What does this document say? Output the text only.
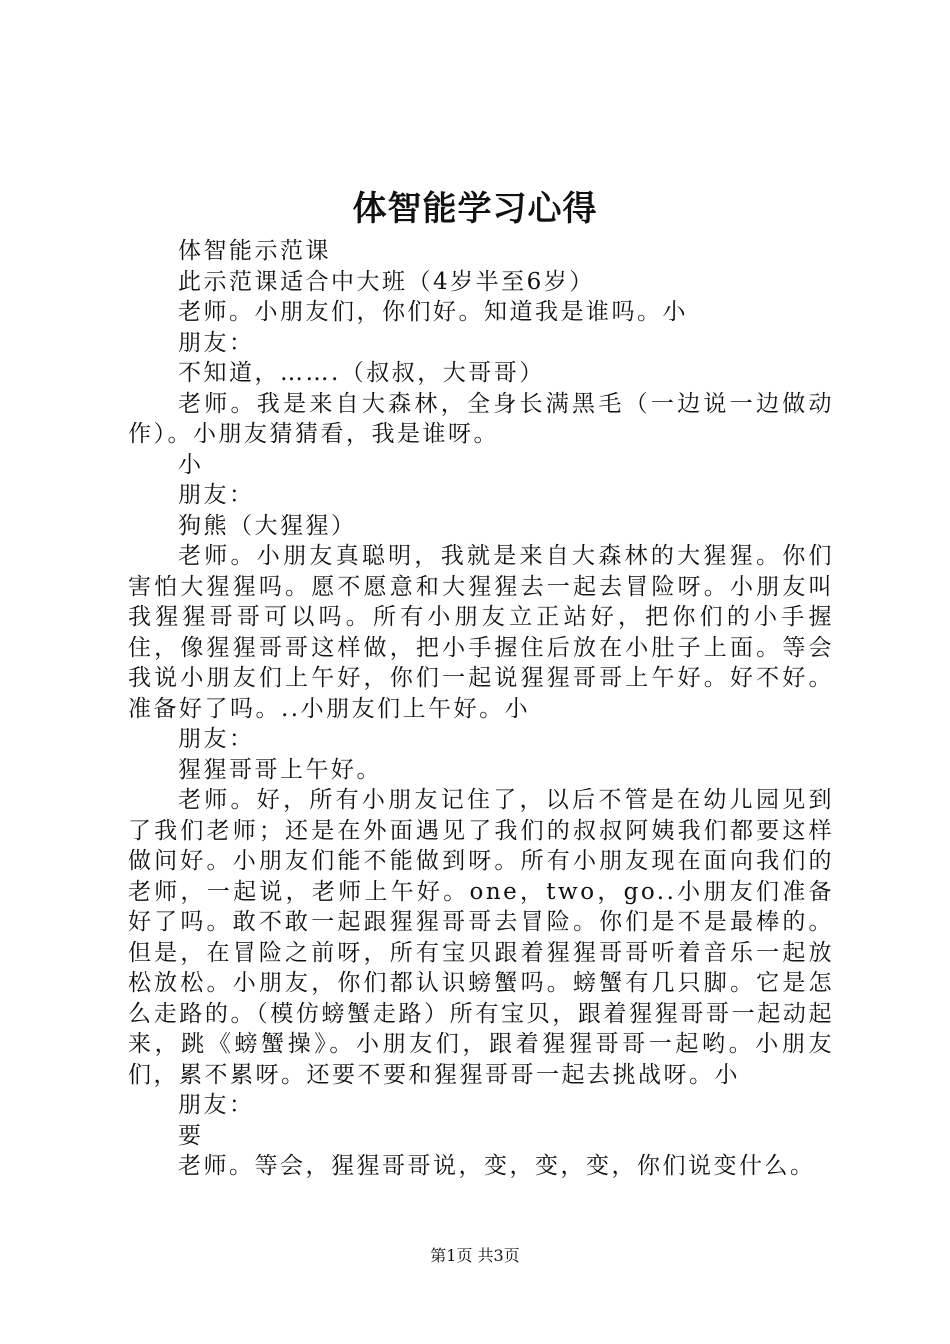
体智能学习心得

体智能示范课

此示范课适合中大班（4岁半至6岁）

老师。小朋友们，你们好。知道我是谁吗。小

朋友：

不知道，…….（叔叔，大哥哥）

老师。我是来自大森林，全身长满黑毛（一边说一边做动作）。小朋友猜猜看，我是谁呀。

小

朋友：

狗熊（大猩猩）

老师。小朋友真聪明，我就是来自大森林的大猩猩。你们害怕大猩猩吗。愿不愿意和大猩猩去一起去冒险呀。小朋友叫我猩猩哥哥可以吗。所有小朋友立正站好，把你们的小手握住，像猩猩哥哥这样做，把小手握住后放在小肚子上面。等会我说小朋友们上午好，你们一起说猩猩哥哥上午好。好不好。准备好了吗。..小朋友们上午好。小

朋友：

猩猩哥哥上午好。

老师。好，所有小朋友记住了，以后不管是在幼儿园见到了我们老师；还是在外面遇见了我们的叔叔阿姨我们都要这样做问好。小朋友们能不能做到呀。所有小朋友现在面向我们的老师，一起说，老师上午好。one，two，go..小朋友们准备好了吗。敢不敢一起跟猩猩哥哥去冒险。你们是不是最棒的。但是，在冒险之前呀，所有宝贝跟着猩猩哥哥听着音乐一起放松放松。小朋友，你们都认识螃蟹吗。螃蟹有几只脚。它是怎么走路的。（模仿螃蟹走路）所有宝贝，跟着猩猩哥哥一起动起来，跳《螃蟹操》。小朋友们，跟着猩猩哥哥一起哟。小朋友们，累不累呀。还要不要和猩猩哥哥一起去挑战呀。小

朋友：

要

老师。等会，猩猩哥哥说，变，变，变，你们说变什么。

第1页 共3页
